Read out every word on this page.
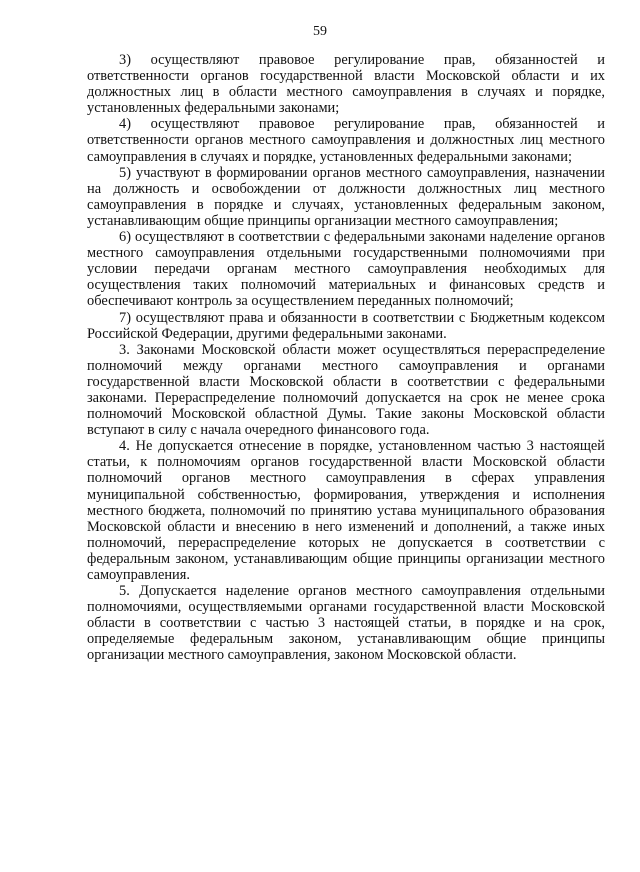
59

3) осуществляют правовое регулирование прав, обязанностей и ответственности органов государственной власти Московской области и их должностных лиц в области местного самоуправления в случаях и порядке, установленных федеральными законами;

4) осуществляют правовое регулирование прав, обязанностей и ответственности органов местного самоуправления и должностных лиц местного самоуправления в случаях и порядке, установленных федеральными законами;

5) участвуют в формировании органов местного самоуправления, назначении на должность и освобождении от должности должностных лиц местного самоуправления в порядке и случаях, установленных федеральным законом, устанавливающим общие принципы организации местного самоуправления;

6) осуществляют в соответствии с федеральными законами наделение органов местного самоуправления отдельными государственными полномочиями при условии передачи органам местного самоуправления необходимых для осуществления таких полномочий материальных и финансовых средств и обеспечивают контроль за осуществлением переданных полномочий;

7) осуществляют права и обязанности в соответствии с Бюджетным кодексом Российской Федерации, другими федеральными законами.

3. Законами Московской области может осуществляться перераспределение полномочий между органами местного самоуправления и органами государственной власти Московской области в соответствии с федеральными законами. Перераспределение полномочий допускается на срок не менее срока полномочий Московской областной Думы. Такие законы Московской области вступают в силу с начала очередного финансового года.

4. Не допускается отнесение в порядке, установленном частью 3 настоящей статьи, к полномочиям органов государственной власти Московской области полномочий органов местного самоуправления в сферах управления муниципальной собственностью, формирования, утверждения и исполнения местного бюджета, полномочий по принятию устава муниципального образования Московской области и внесению в него изменений и дополнений, а также иных полномочий, перераспределение которых не допускается в соответствии с федеральным законом, устанавливающим общие принципы организации местного самоуправления.

5. Допускается наделение органов местного самоуправления отдельными полномочиями, осуществляемыми органами государственной власти Московской области в соответствии с частью 3 настоящей статьи, в порядке и на срок, определяемые федеральным законом, устанавливающим общие принципы организации местного самоуправления, законом Московской области.
